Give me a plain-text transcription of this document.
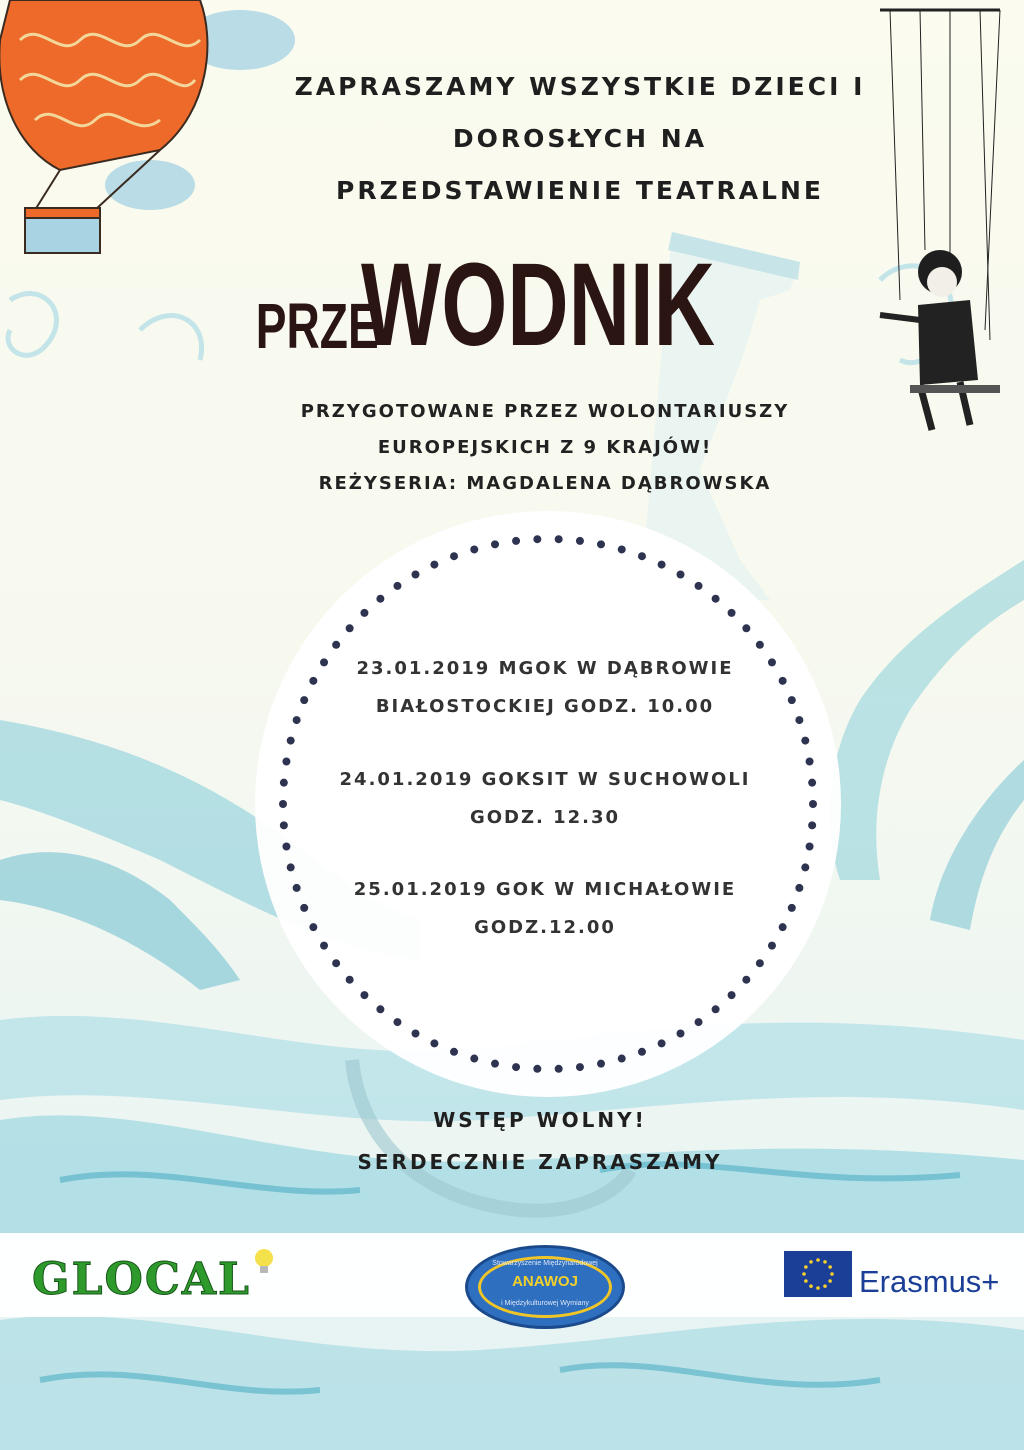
ZAPRASZAMY WSZYSTKIE DZIECI I
DOROSŁYCH NA
PRZEDSTAWIENIE TEATRALNE
PRZE
WODNIK
PRZYGOTOWANE PRZEZ WOLONTARIUSZY
EUROPEJSKICH Z 9 KRAJÓW!
REŻYSERIA: MAGDALENA DĄBROWSKA
23.01.2019 MGOK W DĄBROWIE
BIAŁOSTOCKIEJ GODZ. 10.00
24.01.2019 GOKSIT W SUCHOWOLI
GODZ. 12.30
25.01.2019 GOK W MICHAŁOWIE
GODZ.12.00
WSTĘP WOLNY!
SERDECZNIE ZAPRASZAMY
GLOCAL	Stowarzyszenie Międzynarodowej
ANAWOJ
i Międzykulturowej Wymiany
Erasmus+
